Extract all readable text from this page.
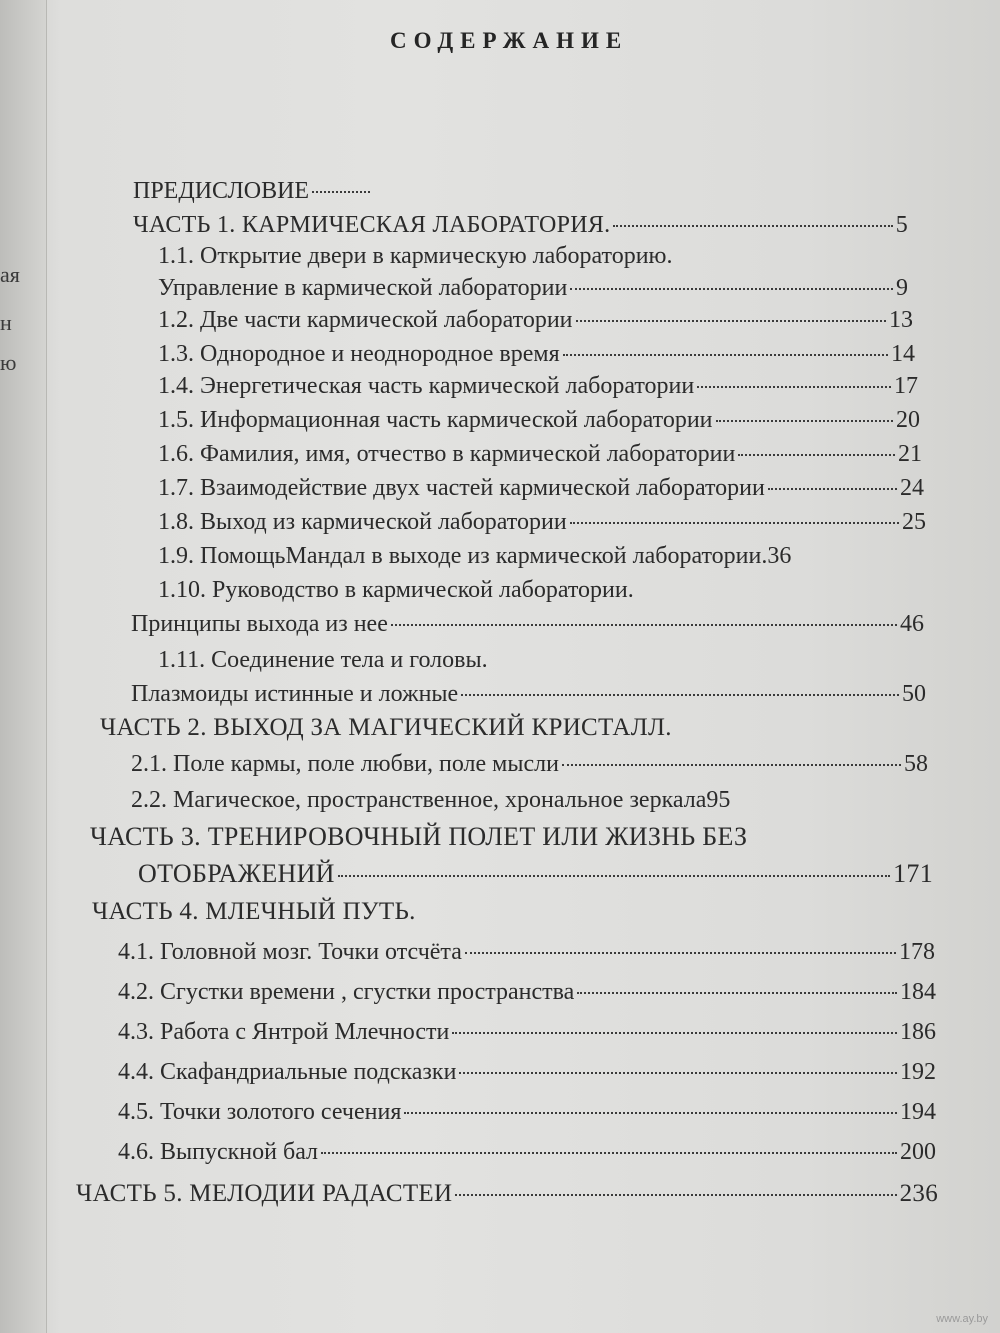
ая
н
ю
СОДЕРЖАНИЕ
ПРЕДИСЛОВИЕ
ЧАСТЬ 1. КАРМИЧЕСКАЯ ЛАБОРАТОРИЯ.	5
1.1. Открытие двери в кармическую лабораторию.
Управление в кармической лаборатории	9
1.2. Две части кармической лаборатории	13
1.3. Однородное и неоднородное время	14
1.4. Энергетическая часть кармической лаборатории	17
1.5. Информационная часть кармической лаборатории	20
1.6. Фамилия, имя, отчество в кармической лаборатории	21
1.7. Взаимодействие двух частей кармической лаборатории	24
1.8. Выход из кармической лаборатории	25
1.9. ПомощьМандал в выходе из кармической лаборатории. 36
1.10. Руководство в кармической лаборатории.
Принципы выхода из нее	46
1.11. Соединение тела и головы.
Плазмоиды истинные и ложные	50
ЧАСТЬ 2. ВЫХОД ЗА МАГИЧЕСКИЙ КРИСТАЛЛ.
2.1. Поле кармы, поле любви, поле мысли	58
2.2. Магическое, пространственное, хрональное зеркала 95
ЧАСТЬ 3. ТРЕНИРОВОЧНЫЙ ПОЛЕТ ИЛИ ЖИЗНЬ БЕЗ
ОТОБРАЖЕНИЙ	171
ЧАСТЬ 4. МЛЕЧНЫЙ ПУТЬ.
4.1. Головной мозг. Точки отсчёта	178
4.2. Сгустки времени , сгустки пространства	184
4.3. Работа с Янтрой Млечности	186
4.4. Скафандриальные подсказки	192
4.5. Точки золотого сечения	194
4.6. Выпускной бал	200
ЧАСТЬ 5. МЕЛОДИИ РАДАСТЕИ	236
www.ay.by
